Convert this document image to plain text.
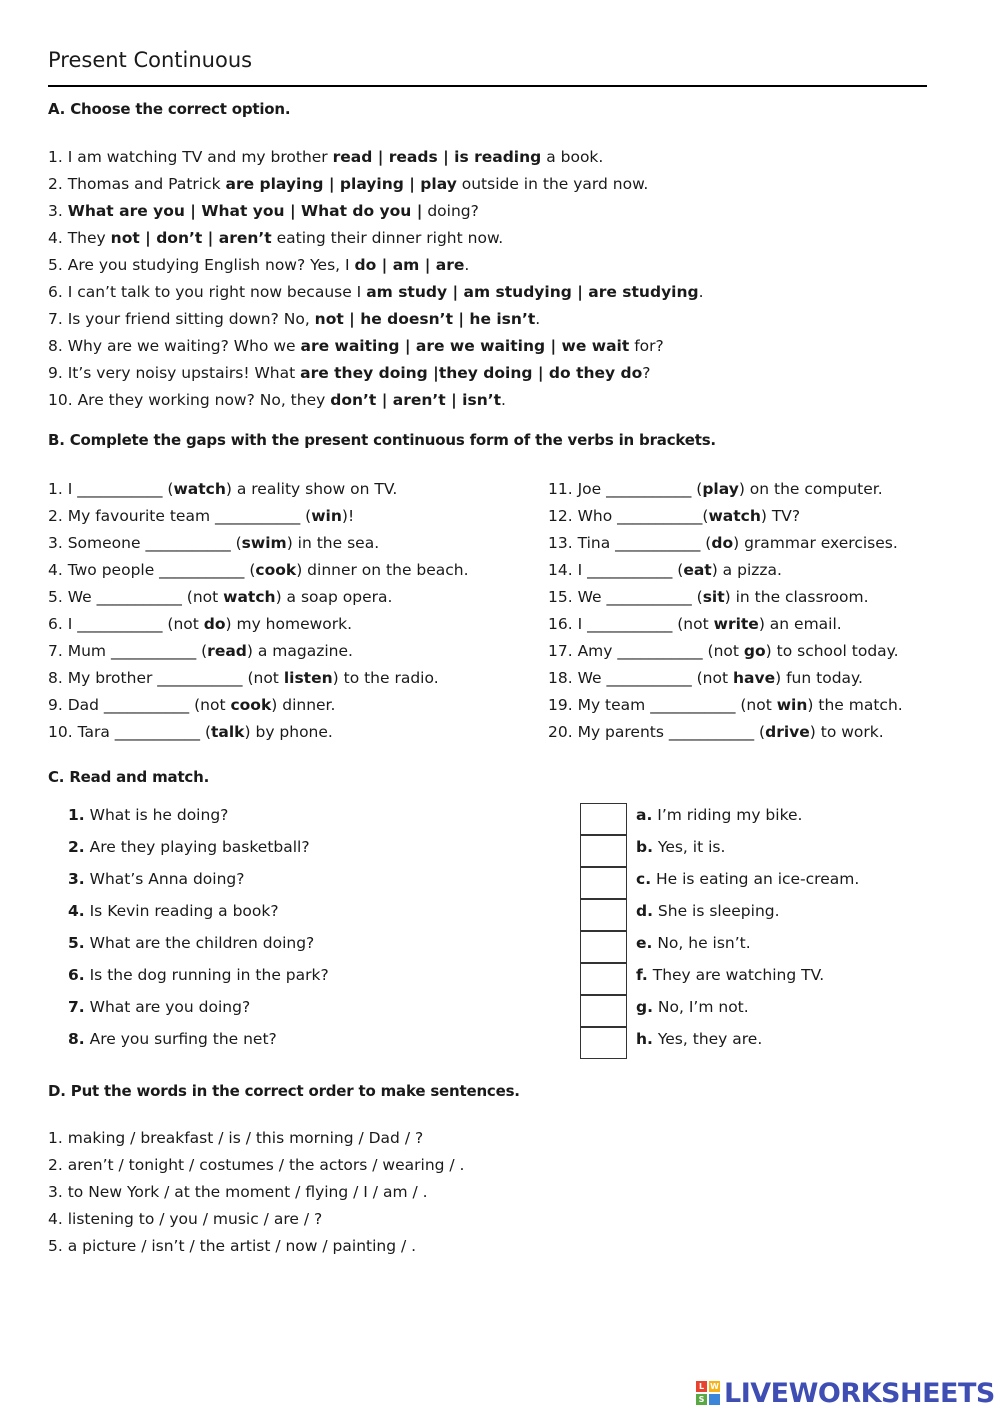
Present Continuous
A. Choose the correct option.
1. I am watching TV and my brother read | reads | is reading a book.
2. Thomas and Patrick are playing | playing | play outside in the yard now.
3. What are you | What you | What do you | doing?
4. They not | don’t | aren’t eating their dinner right now.
5. Are you studying English now? Yes, I do | am | are.
6. I can’t talk to you right now because I am study | am studying | are studying.
7. Is your friend sitting down? No, not | he doesn’t | he isn’t.
8. Why are we waiting? Who we are waiting | are we waiting | we wait for?
9. It’s very noisy upstairs! What are they doing |they doing | do they do?
10. Are they working now? No, they don’t | aren’t | isn’t.
B. Complete the gaps with the present continuous form of the verbs in brackets.
1. I ___________ (watch) a reality show on TV.
2. My favourite team ___________ (win)!
3. Someone ___________ (swim) in the sea.
4. Two people ___________ (cook) dinner on the beach.
5. We ___________ (not watch) a soap opera.
6. I ___________ (not do) my homework.
7. Mum ___________ (read) a magazine.
8. My brother ___________ (not listen) to the radio.
9. Dad ___________ (not cook) dinner.
10. Tara ___________ (talk) by phone.
11. Joe ___________ (play) on the computer.
12. Who ___________(watch) TV?
13. Tina ___________ (do) grammar exercises.
14. I ___________ (eat) a pizza.
15. We ___________ (sit) in the classroom.
16. I ___________ (not write) an email.
17. Amy ___________ (not go) to school today.
18. We ___________ (not have) fun today.
19. My team ___________ (not win) the match.
20. My parents ___________ (drive) to work.
C. Read and match.
1. What is he doing?
2. Are they playing basketball?
3. What’s Anna doing?
4. Is Kevin reading a book?
5. What are the children doing?
6. Is the dog running in the park?
7. What are you doing?
8. Are you surfing the net?
a. I’m riding my bike.
b. Yes, it is.
c. He is eating an ice-cream.
d. She is sleeping.
e. No, he isn’t.
f. They are watching TV.
g. No, I’m not.
h. Yes, they are.
D. Put the words in the correct order to make sentences.
1. making / breakfast / is / this morning / Dad / ?
2. aren’t / tonight / costumes / the actors / wearing / .
3. to New York / at the moment / flying / I / am / .
4. listening to / you / music / are / ?
5. a picture / isn’t / the artist / now / painting / .
L W
S LIVEWORKSHEETS
